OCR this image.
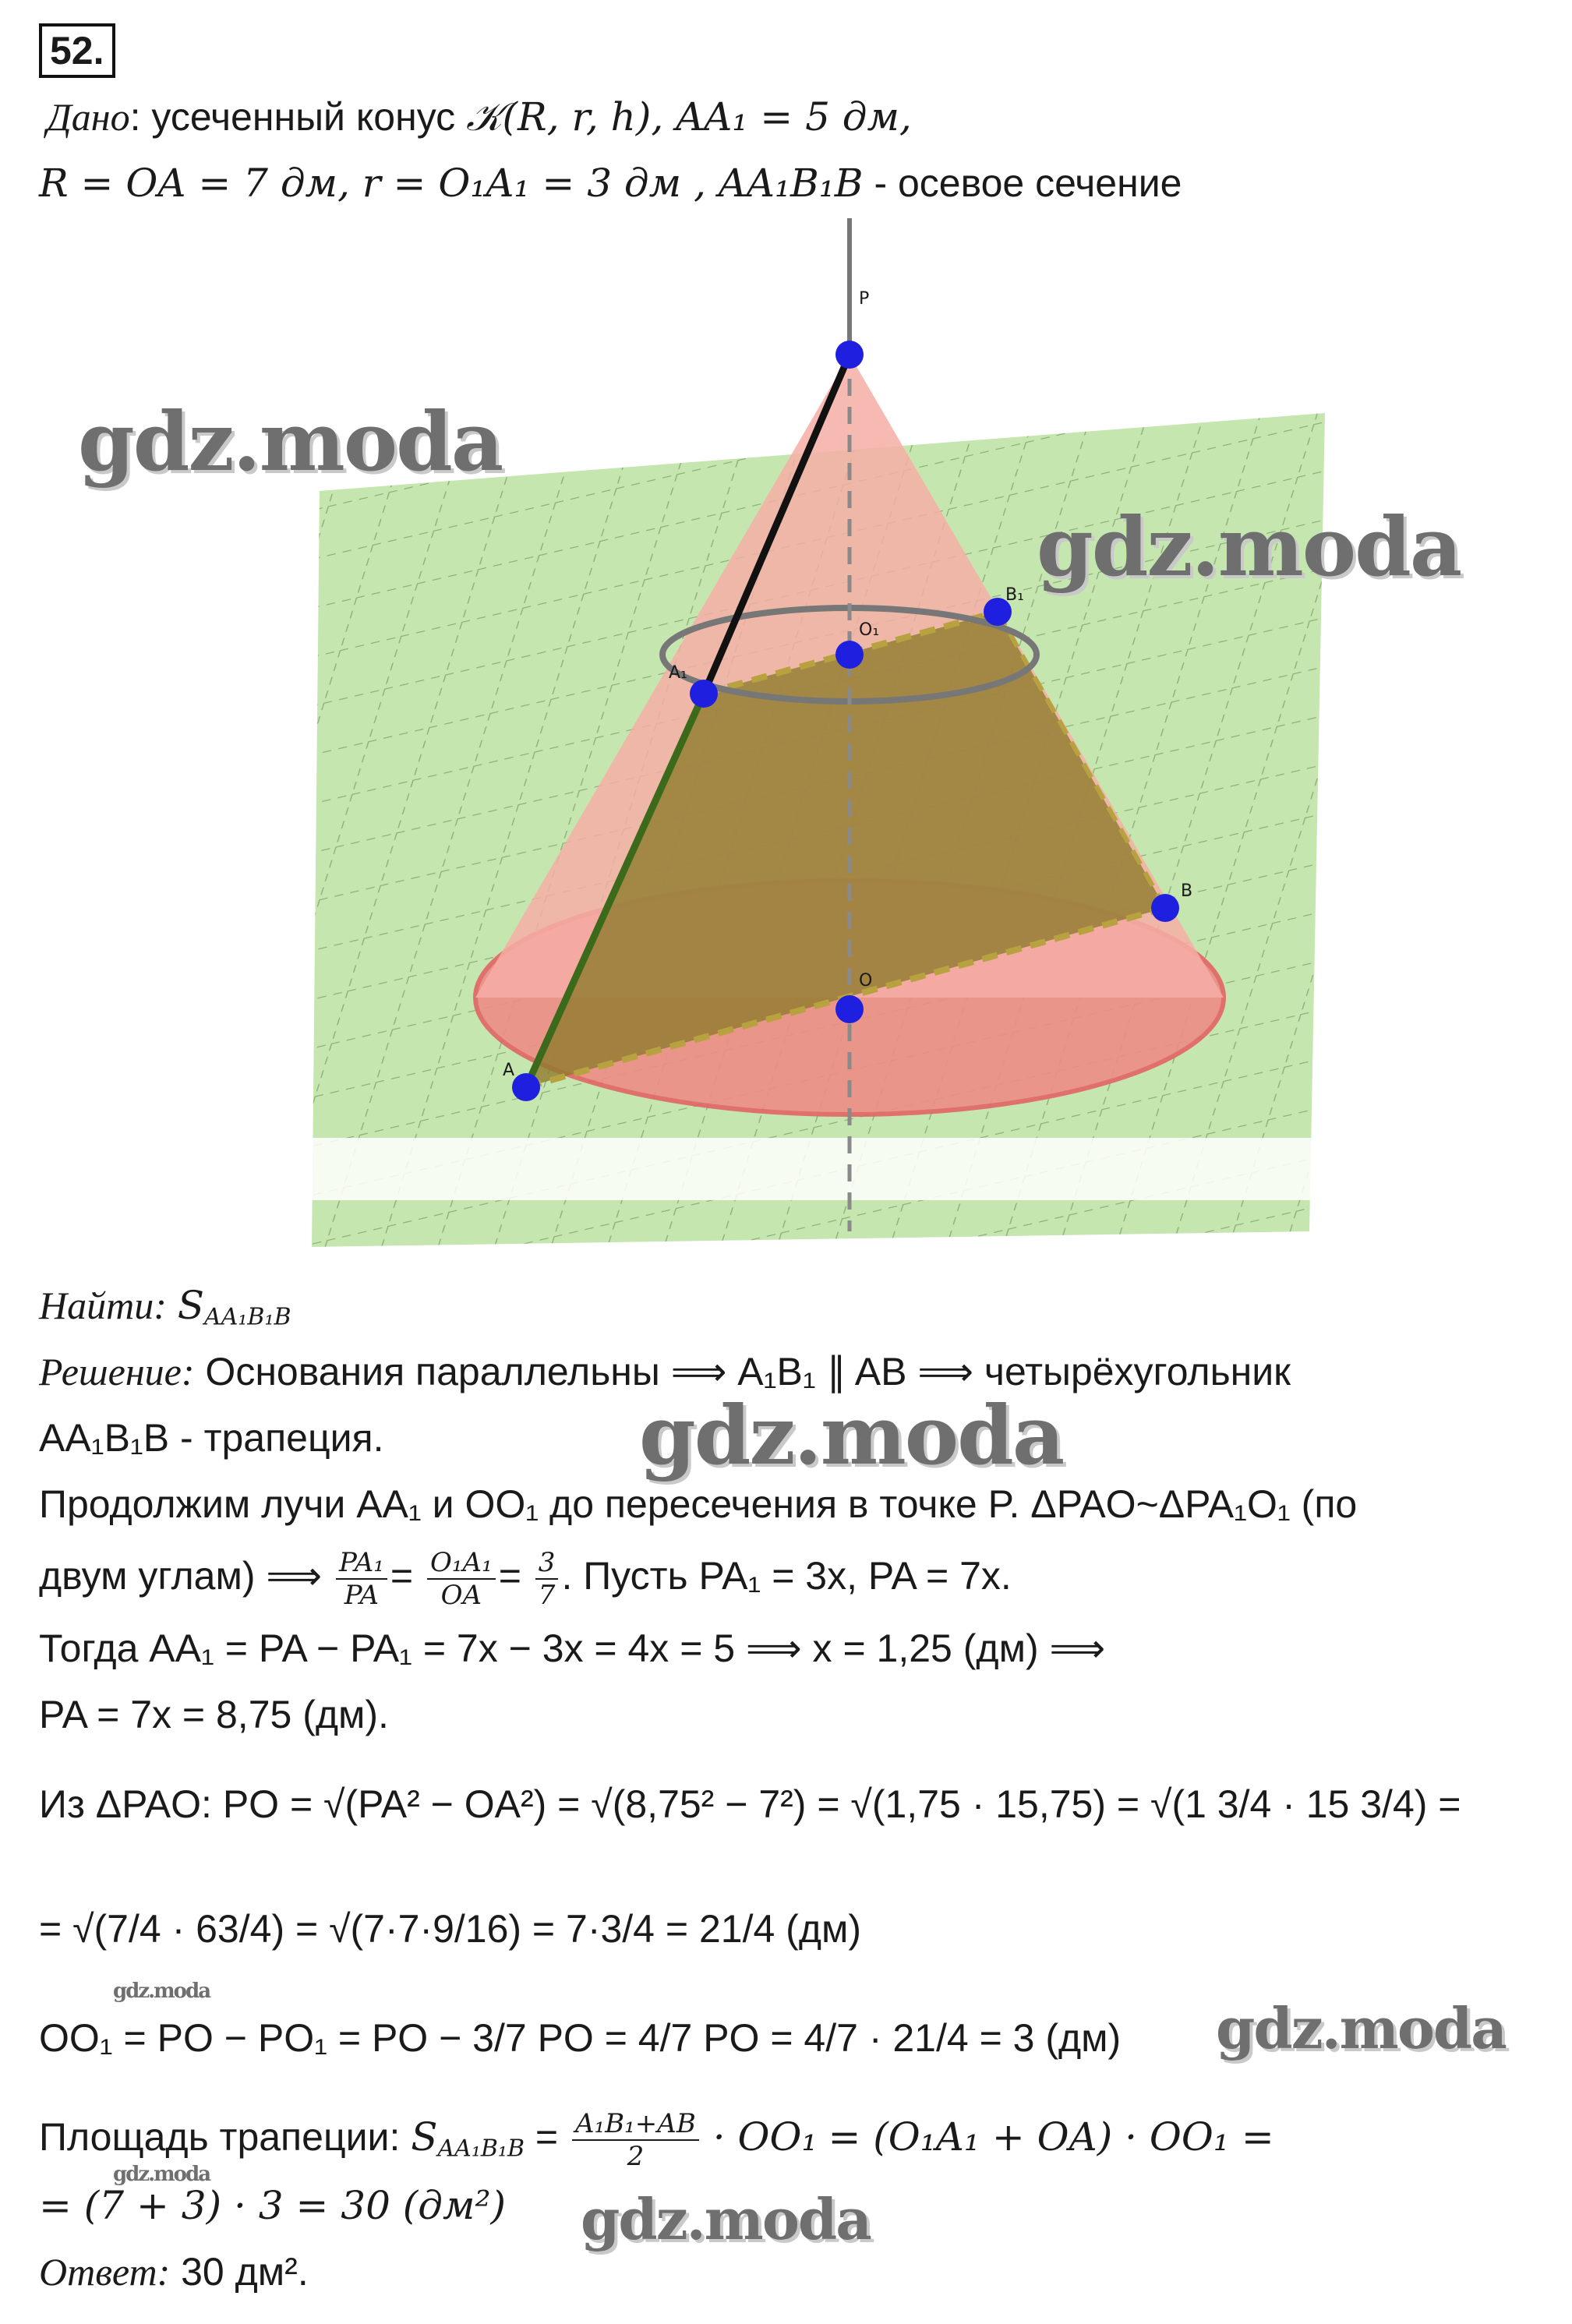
52.
Дано: усеченный конус 𝒦(R, r, h), AA₁ = 5 дм,
R = OA = 7 дм, r = O₁A₁ = 3 дм , AA₁B₁B - осевое сечение
P
O₁
O
A
A₁
B
B₁
gdz.moda
gdz.moda
gdz.moda
gdz.moda
gdz.moda
gdz.moda
gdz.moda
Найти: $S_{AA_1B_1B}$
Решение: Основания параллельны ⟹ A₁B₁ ∥ AB ⟹ четырёхугольник
AA₁B₁B - трапеция.
Продолжим лучи AA₁ и OO₁ до пересечения в точке P. ΔPAO~ΔPA₁O₁ (по
двум углам) ⟹ $\frac{\text{PA₁}}{PA} = \frac{\text{O₁A₁}}{OA} = \frac{3}{7}$ . Пусть PA₁ = 3x, PA = 7x.
Тогда AA₁ = PA − PA₁ = 7x − 3x = 4x = 5 ⟹ x = 1,25 (дм) ⟹
PA = 7x = 8,75 (дм).
Из ΔPAO: PO = √(PA² − OA²) = √(8,75² − 7²) = √(1,75 · 15,75) = √(1 3/4 · 15 3/4) =
= √(7/4 · 63/4) = √(7·7·9/16) = 7·3/4 = 21/4 (дм)
OO₁ = PO − PO₁ = PO − 3/7 PO = 4/7 PO = 4/7 · 21/4 = 3 (дм)
Площадь трапеции: $S_{AA_1B_1B} = \frac{\text{A₁B₁+AB}}{2} \cdot OO_1 = (O_1A_1 + OA) \cdot OO_1$ =
= (7 + 3) · 3 = 30 (дм²)
Ответ: 30 дм².
